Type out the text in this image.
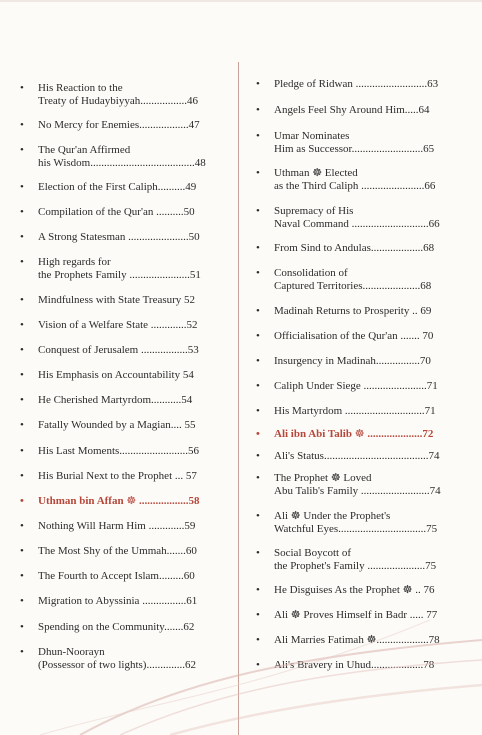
•	His Reaction to the
Treaty of Hudaybiyyah.................46
•	No Mercy for Enemies..................47
•	The Qur'an Affirmed
his Wisdom......................................48
•	Election of the First Caliph..........49
•	Compilation of the Qur'an ..........50
•	A Strong Statesman ......................50
•	High regards for
the Prophets Family ......................51
•	Mindfulness with State Treasury 52
•	Vision of a Welfare State .............52
•	Conquest of Jerusalem .................53
•	His Emphasis on Accountability 54
•	He Cherished Martyrdom...........54
•	Fatally Wounded by a Magian.... 55
•	His Last Moments.........................56
•	His Burial Next to the Prophet ... 57
•	Uthman bin Affan ☸ ..................58
•	Nothing Will Harm Him .............59
•	The Most Shy of the Ummah.......60
•	The Fourth to Accept Islam.........60
•	Migration to Abyssinia ................61
•	Spending on the Community.......62
•	Dhun-Noorayn
(Possessor of two lights)..............62
•	Pledge of Ridwan ..........................63
•	Angels Feel Shy Around Him.....64
•	Umar Nominates
Him as Successor..........................65
•	Uthman ☸ Elected
as the Third Caliph .......................66
•	Supremacy of His
Naval Command ............................66
•	From Sind to Andulas...................68
•	Consolidation of
Captured Territories.....................68
•	Madinah Returns to Prosperity .. 69
•	Officialisation of the Qur'an ....... 70
•	Insurgency in Madinah................70
•	Caliph Under Siege .......................71
•	His Martyrdom .............................71
•	Ali ibn Abi Talib ☸ ....................72
•	Ali's Status......................................74
•	The Prophet ☸ Loved
Abu Talib's Family .........................74
•	Ali ☸ Under the Prophet's
Watchful Eyes................................75
•	Social Boycott of
the Prophet's Family .....................75
•	He Disguises As the Prophet ☸ .. 76
•	Ali ☸ Proves Himself in Badr ..... 77
•	Ali Marries Fatimah ☸...................78
•	Ali's Bravery in Uhud...................78
